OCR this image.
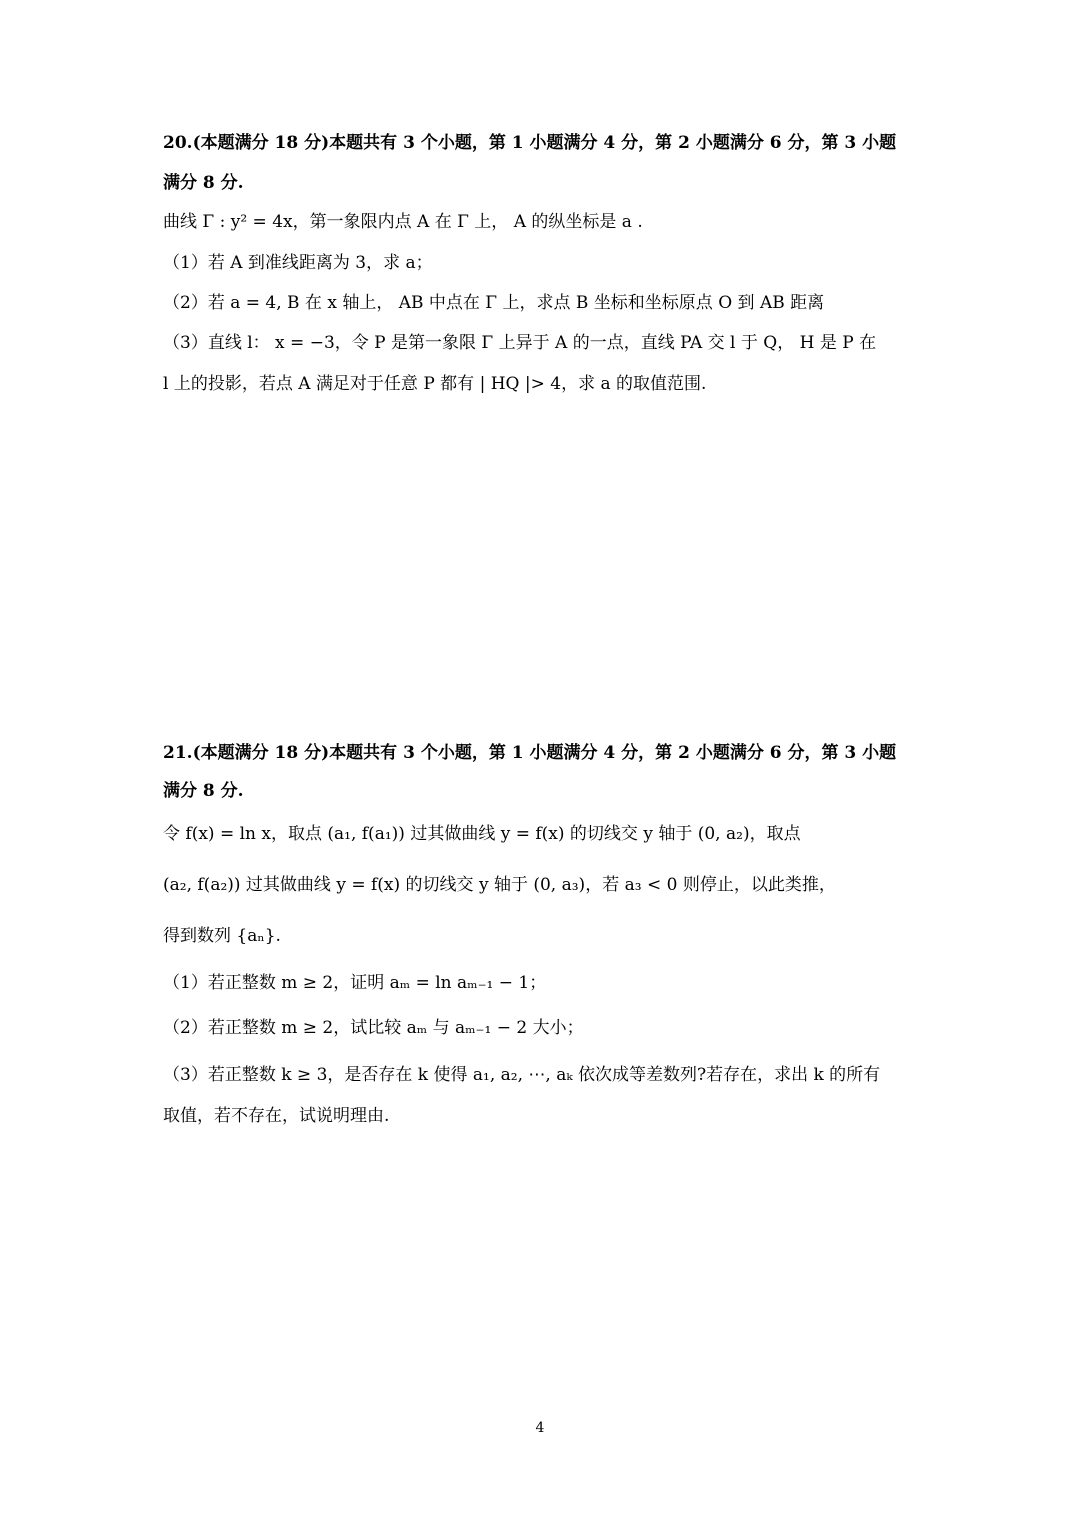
20.(本题满分 18 分)本题共有 3 个小题，第 1 小题满分 4 分，第 2 小题满分 6 分，第 3 小题
满分 8 分.
曲线 Γ : y² = 4x，第一象限内点 A 在 Γ 上， A 的纵坐标是 a .
（1）若 A 到准线距离为 3，求 a；
（2）若 a = 4, B 在 x 轴上， AB 中点在 Γ 上，求点 B 坐标和坐标原点 O 到 AB 距离
（3）直线 l： x = −3，令 P 是第一象限 Γ 上异于 A 的一点，直线 PA 交 l 于 Q， H 是 P 在
l 上的投影，若点 A 满足对于任意 P 都有 | HQ |> 4，求 a 的取值范围.
21.(本题满分 18 分)本题共有 3 个小题，第 1 小题满分 4 分，第 2 小题满分 6 分，第 3 小题
满分 8 分.
令 f(x) = ln x，取点 (a₁, f(a₁)) 过其做曲线 y = f(x) 的切线交 y 轴于 (0, a₂)，取点
(a₂, f(a₂)) 过其做曲线 y = f(x) 的切线交 y 轴于 (0, a₃)，若 a₃ < 0 则停止，以此类推，
得到数列 {aₙ}.
（1）若正整数 m ≥ 2，证明 aₘ = ln aₘ₋₁ − 1；
（2）若正整数 m ≥ 2，试比较 aₘ 与 aₘ₋₁ − 2 大小；
（3）若正整数 k ≥ 3，是否存在 k 使得 a₁, a₂, ⋯, aₖ 依次成等差数列?若存在，求出 k 的所有
取值，若不存在，试说明理由.
4
